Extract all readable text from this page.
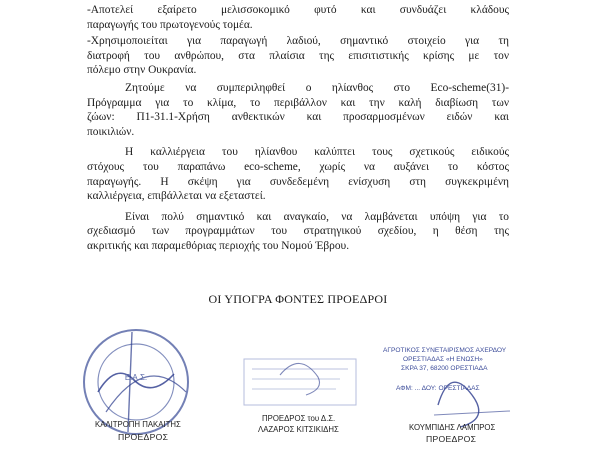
-Αποτελεί εξαίρετο μελισσοκομικό φυτό και συνδυάζει κλάδους
παραγωγής του πρωτογενούς τομέα.
-Χρησιμοποιείται για παραγωγή λαδιού, σημαντικό στοιχείο για τη
διατροφή του ανθρώπου, στα πλαίσια της επισιτιστικής κρίσης με τον
πόλεμο στην Ουκρανία.
Ζητούμε να συμπεριληφθεί ο ηλίανθος στο Eco-scheme(31)-
Πρόγραμμα για το κλίμα, το περιβάλλον και την καλή διαβίωση των
ζώων: Π1-31.1-Χρήση ανθεκτικών και προσαρμοσμένων ειδών και
ποικιλιών.
Η καλλιέργεια του ηλίανθου καλύπτει τους σχετικούς ειδικούς
στόχους του παραπάνω eco-scheme, χωρίς να αυξάνει το κόστος
παραγωγής. Η σκέψη για συνδεδεμένη ενίσχυση στη συγκεκριμένη
καλλιέργεια, επιβάλλεται να εξεταστεί.
Είναι πολύ σημαντικό και αναγκαίο, να λαμβάνεται υπόψη για το
σχεδιασμό των προγραμμάτων του στρατηγικού σχεδίου, η θέση της
ακριτικής και παραμεθόριας περιοχής του Νομού Έβρου.
ΟΙ ΥΠΟΓΡΑ ΦΟΝΤΕΣ ΠΡΟΕΔΡΟΙ
Ε.Α.Σ.
ΚΑΛΙΤΡΟΠΗ ΠΑΚΑΙΤΗΣ
ΠΡΟΕΔΡΟΣ
ΠΡΟΕΔΡΟΣ του Δ.Σ.
ΛΑΖΑΡΟΣ ΚΙΤΣΙΚΙΔΗΣ
ΑΓΡΟΤΙΚΟΣ ΣΥΝΕΤΑΙΡΙΣΜΟΣ ΑΧΕΡΔΟΥ
ΟΡΕΣΤΙΑΔΑΣ «Η ΕΝΩΣΗ»
ΣΚΡΑ 37, 68200 ΟΡΕΣΤΙΑΔΑ
ΑΦΜ: ... ΔΟΥ: ΟΡΕΣΤΙΑΔΑΣ
ΚΟΥΜΠΙΔΗΣ ΛΑΜΠΡΟΣ
ΠΡΟΕΔΡΟΣ
